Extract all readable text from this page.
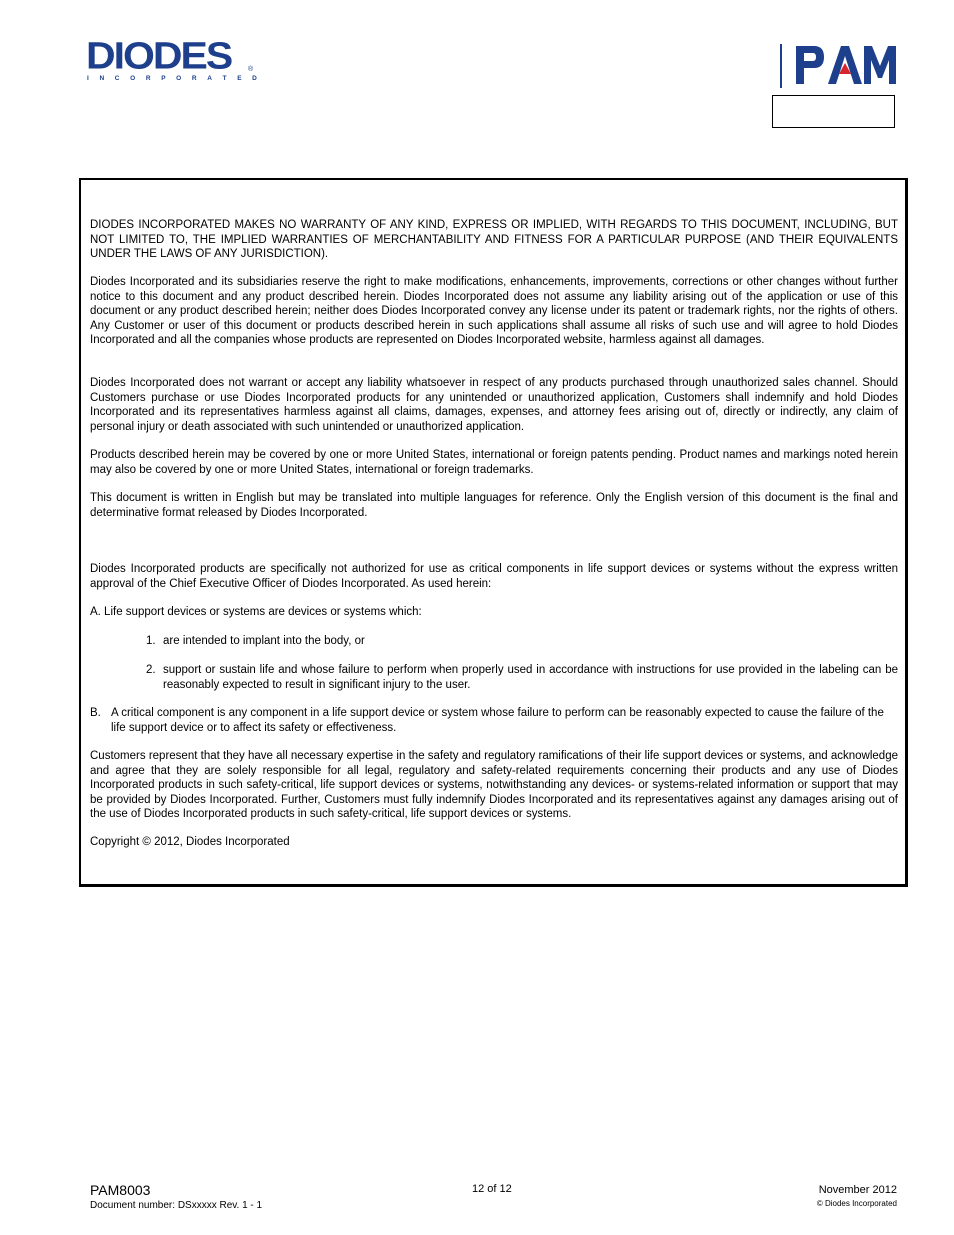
DIODES ®
I N C O R P O R A T E D

DIODES INCORPORATED MAKES NO WARRANTY OF ANY KIND, EXPRESS OR IMPLIED, WITH REGARDS TO THIS DOCUMENT, INCLUDING, BUT NOT LIMITED TO, THE IMPLIED WARRANTIES OF MERCHANTABILITY AND FITNESS FOR A PARTICULAR PURPOSE (AND THEIR EQUIVALENTS UNDER THE LAWS OF ANY JURISDICTION).

Diodes Incorporated and its subsidiaries reserve the right to make modifications, enhancements, improvements, corrections or other changes without further notice to this document and any product described herein. Diodes Incorporated does not assume any liability arising out of the application or use of this document or any product described herein; neither does Diodes Incorporated convey any license under its patent or trademark rights, nor the rights of others. Any Customer or user of this document or products described herein in such applications shall assume all risks of such use and will agree to hold Diodes Incorporated and all the companies whose products are represented on Diodes Incorporated website, harmless against all damages.

Diodes Incorporated does not warrant or accept any liability whatsoever in respect of any products purchased through unauthorized sales channel. Should Customers purchase or use Diodes Incorporated products for any unintended or unauthorized application, Customers shall indemnify and hold Diodes Incorporated and its representatives harmless against all claims, damages, expenses, and attorney fees arising out of, directly or indirectly, any claim of personal injury or death associated with such unintended or unauthorized application.

Products described herein may be covered by one or more United States, international or foreign patents pending. Product names and markings noted herein may also be covered by one or more United States, international or foreign trademarks.

This document is written in English but may be translated into multiple languages for reference. Only the English version of this document is the final and determinative format released by Diodes Incorporated.

Diodes Incorporated products are specifically not authorized for use as critical components in life support devices or systems without the express written approval of the Chief Executive Officer of Diodes Incorporated. As used herein:

A. Life support devices or systems are devices or systems which:
1. are intended to implant into the body, or
2. support or sustain life and whose failure to perform when properly used in accordance with instructions for use provided in the labeling can be reasonably expected to result in significant injury to the user.
B. A critical component is any component in a life support device or system whose failure to perform can be reasonably expected to cause the failure of the life support device or to affect its safety or effectiveness.

Customers represent that they have all necessary expertise in the safety and regulatory ramifications of their life support devices or systems, and acknowledge and agree that they are solely responsible for all legal, regulatory and safety-related requirements concerning their products and any use of Diodes Incorporated products in such safety-critical, life support devices or systems, notwithstanding any devices- or systems-related information or support that may be provided by Diodes Incorporated. Further, Customers must fully indemnify Diodes Incorporated and its representatives against any damages arising out of the use of Diodes Incorporated products in such safety-critical, life support devices or systems.

Copyright © 2012, Diodes Incorporated

PAM8003
Document number: DSxxxxx Rev. 1 - 1
12 of 12	November 2012
© Diodes Incorporated
